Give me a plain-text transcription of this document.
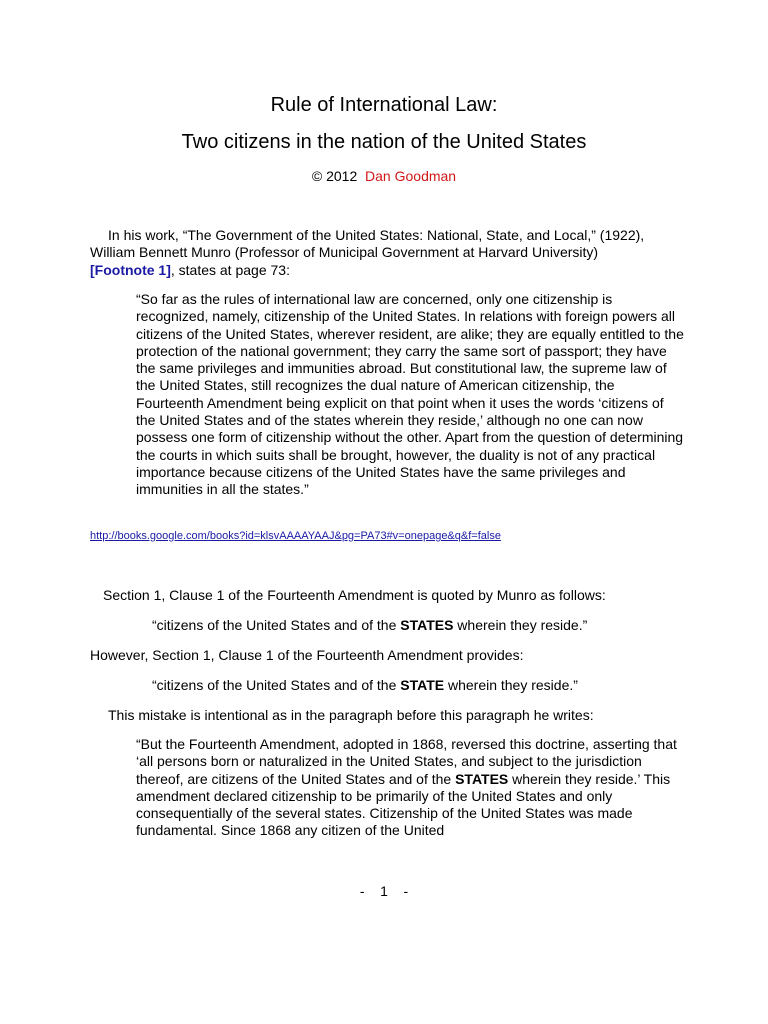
Rule of International Law:
Two citizens in the nation of the United States
© 2012 Dan Goodman

In his work, “The Government of the United States: National, State, and Local,” (1922), William Bennett Munro (Professor of Municipal Government at Harvard University) [Footnote 1], states at page 73:

“So far as the rules of international law are concerned, only one citizenship is recognized, namely, citizenship of the United States. In relations with foreign powers all citizens of the United States, wherever resident, are alike; they are equally entitled to the protection of the national government; they carry the same sort of passport; they have the same privileges and immunities abroad. But constitutional law, the supreme law of the United States, still recognizes the dual nature of American citizenship, the Fourteenth Amendment being explicit on that point when it uses the words ‘citizens of the United States and of the states wherein they reside,’ although no one can now possess one form of citizenship without the other. Apart from the question of determining the courts in which suits shall be brought, however, the duality is not of any practical importance because citizens of the United States have the same privileges and immunities in all the states.”

http://books.google.com/books?id=klsvAAAAYAAJ&pg=PA73#v=onepage&q&f=false
Section 1, Clause 1 of the Fourteenth Amendment is quoted by Munro as follows:
“citizens of the United States and of the STATES wherein they reside.”
However, Section 1, Clause 1 of the Fourteenth Amendment provides:
“citizens of the United States and of the STATE wherein they reside.”
This mistake is intentional as in the paragraph before this paragraph he writes:

“But the Fourteenth Amendment, adopted in 1868, reversed this doctrine, asserting that ‘all persons born or naturalized in the United States, and subject to the jurisdiction thereof, are citizens of the United States and of the STATES wherein they reside.’ This amendment declared citizenship to be primarily of the United States and only consequentially of the several states. Citizenship of the United States was made fundamental. Since 1868 any citizen of the United

-    1    -
